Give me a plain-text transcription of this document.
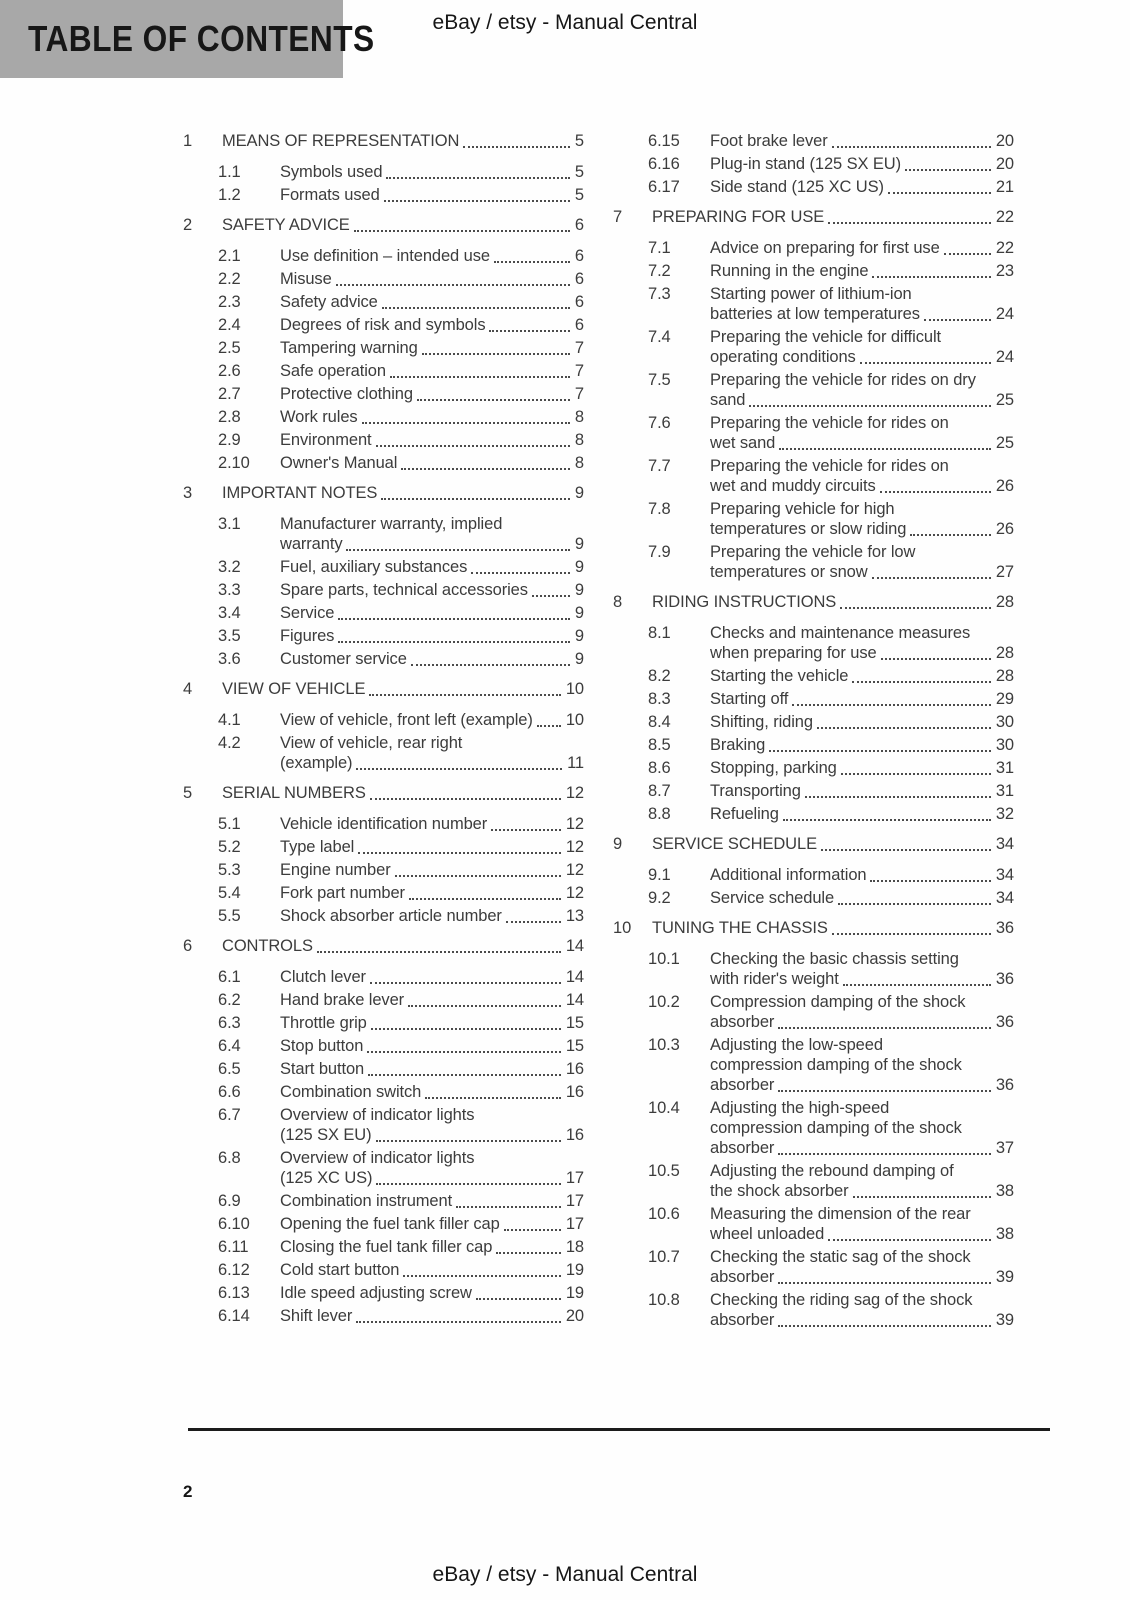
TABLE OF CONTENTS	eBay / etsy - Manual Central
1	MEANS OF REPRESENTATION	5
1.1	Symbols used	5
1.2	Formats used	5
2	SAFETY ADVICE	6
2.1	Use definition – intended use	6
2.2	Misuse	6
2.3	Safety advice	6
2.4	Degrees of risk and symbols	6
2.5	Tampering warning	7
2.6	Safe operation	7
2.7	Protective clothing	7
2.8	Work rules	8
2.9	Environment	8
2.10	Owner's Manual	8
3	IMPORTANT NOTES	9
3.1	Manufacturer warranty, implied
warranty	9
3.2	Fuel, auxiliary substances	9
3.3	Spare parts, technical accessories	9
3.4	Service	9
3.5	Figures	9
3.6	Customer service	9
4	VIEW OF VEHICLE	10
4.1	View of vehicle, front left (example) 10
4.2	View of vehicle, rear right
(example)	11
5	SERIAL NUMBERS	12
5.1	Vehicle identification number	12
5.2	Type label	12
5.3	Engine number	12
5.4	Fork part number	12
5.5	Shock absorber article number	13
6	CONTROLS	14
6.1	Clutch lever	14
6.2	Hand brake lever	14
6.3	Throttle grip	15
6.4	Stop button	15
6.5	Start button	16
6.6	Combination switch	16
6.7	Overview of indicator lights
(125 SX EU)	16
6.8	Overview of indicator lights
(125 XC US)	17
6.9	Combination instrument	17
6.10	Opening the fuel tank filler cap	17
6.11	Closing the fuel tank filler cap	18
6.12	Cold start button	19
6.13	Idle speed adjusting screw	19
6.14	Shift lever	20
6.15	Foot brake lever	20
6.16	Plug-in stand (125 SX EU)	20
6.17	Side stand (125 XC US)	21
7	PREPARING FOR USE	22
7.1	Advice on preparing for first use	22
7.2	Running in the engine	23
7.3	Starting power of lithium-ion
batteries at low temperatures	24
7.4	Preparing the vehicle for difficult
operating conditions	24
7.5	Preparing the vehicle for rides on dry
sand	25
7.6	Preparing the vehicle for rides on
wet sand	25
7.7	Preparing the vehicle for rides on
wet and muddy circuits	26
7.8	Preparing vehicle for high
temperatures or slow riding	26
7.9	Preparing the vehicle for low
temperatures or snow	27
8	RIDING INSTRUCTIONS	28
8.1	Checks and maintenance measures
when preparing for use	28
8.2	Starting the vehicle	28
8.3	Starting off	29
8.4	Shifting, riding	30
8.5	Braking	30
8.6	Stopping, parking	31
8.7	Transporting	31
8.8	Refueling	32
9	SERVICE SCHEDULE	34
9.1	Additional information	34
9.2	Service schedule	34
10	TUNING THE CHASSIS	36
10.1	Checking the basic chassis setting
with rider's weight	36
10.2	Compression damping of the shock
absorber	36
10.3	Adjusting the low-speed
compression damping of the shock
absorber	36
10.4	Adjusting the high-speed
compression damping of the shock
absorber	37
10.5	Adjusting the rebound damping of
the shock absorber	38
10.6	Measuring the dimension of the rear
wheel unloaded	38
10.7	Checking the static sag of the shock
absorber	39
10.8	Checking the riding sag of the shock
absorber	39
2
eBay / etsy - Manual Central
